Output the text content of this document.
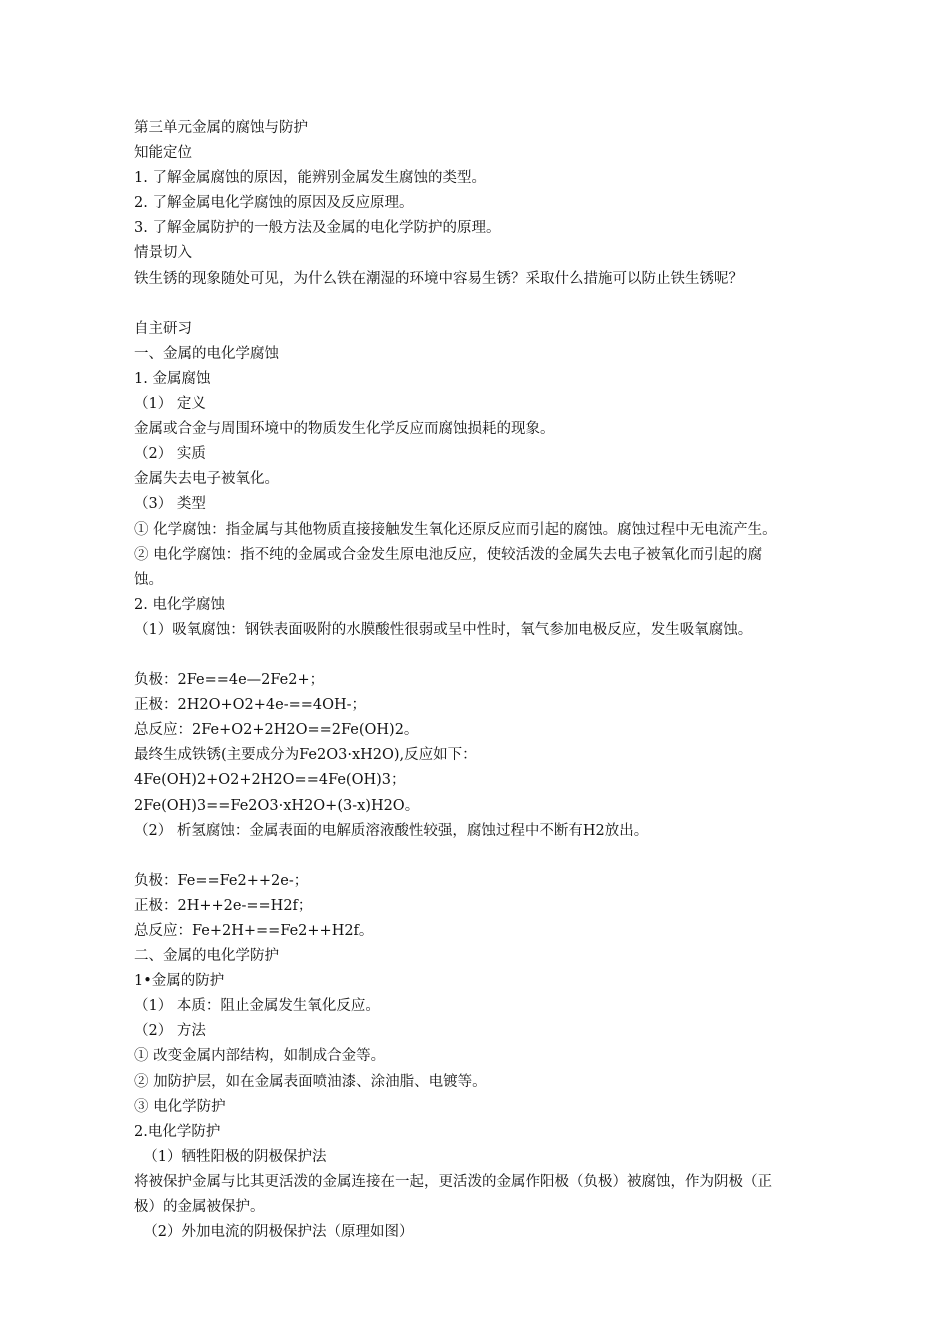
第三单元金属的腐蚀与防护
知能定位
1. 了解金属腐蚀的原因，能辨别金属发生腐蚀的类型。
2. 了解金属电化学腐蚀的原因及反应原理。
3. 了解金属防护的一般方法及金属的电化学防护的原理。
情景切入
铁生锈的现象随处可见，为什么铁在潮湿的环境中容易生锈？采取什么措施可以防止铁生锈呢？
自主研习
一、金属的电化学腐蚀
1. 金属腐蚀
（1） 定义
金属或合金与周围环境中的物质发生化学反应而腐蚀损耗的现象。
（2） 实质
金属失去电子被氧化。
（3） 类型
① 化学腐蚀：指金属与其他物质直接接触发生氧化还原反应而引起的腐蚀。腐蚀过程中无电流产生。
② 电化学腐蚀：指不纯的金属或合金发生原电池反应，使较活泼的金属失去电子被氧化而引起的腐
蚀。
2. 电化学腐蚀
（1）吸氧腐蚀：钢铁表面吸附的水膜酸性很弱或呈中性时，氧气参加电极反应，发生吸氧腐蚀。
负极：2Fe==4e—2Fe2+；
正极：2H2O+O2+4e-==4OH-；
总反应：2Fe+O2+2H2O==2Fe(OH)2。
最终生成铁锈(主要成分为Fe2O3·xH2O),反应如下：
4Fe(OH)2+O2+2H2O==4Fe(OH)3；
2Fe(OH)3==Fe2O3·xH2O+(3-x)H2O。
（2） 析氢腐蚀：金属表面的电解质溶液酸性较强，腐蚀过程中不断有H2放出。
负极：Fe==Fe2++2e-；
正极：2H++2e-==H2f；
总反应：Fe+2H+==Fe2++H2f。
二、金属的电化学防护
1•金属的防护
（1） 本质：阻止金属发生氧化反应。
（2） 方法
① 改变金属内部结构，如制成合金等。
② 加防护层，如在金属表面喷油漆、涂油脂、电镀等。
③ 电化学防护
2.电化学防护
（1）牺牲阳极的阴极保护法
将被保护金属与比其更活泼的金属连接在一起，更活泼的金属作阳极（负极）被腐蚀，作为阴极（正
极）的金属被保护。
（2）外加电流的阴极保护法（原理如图）
